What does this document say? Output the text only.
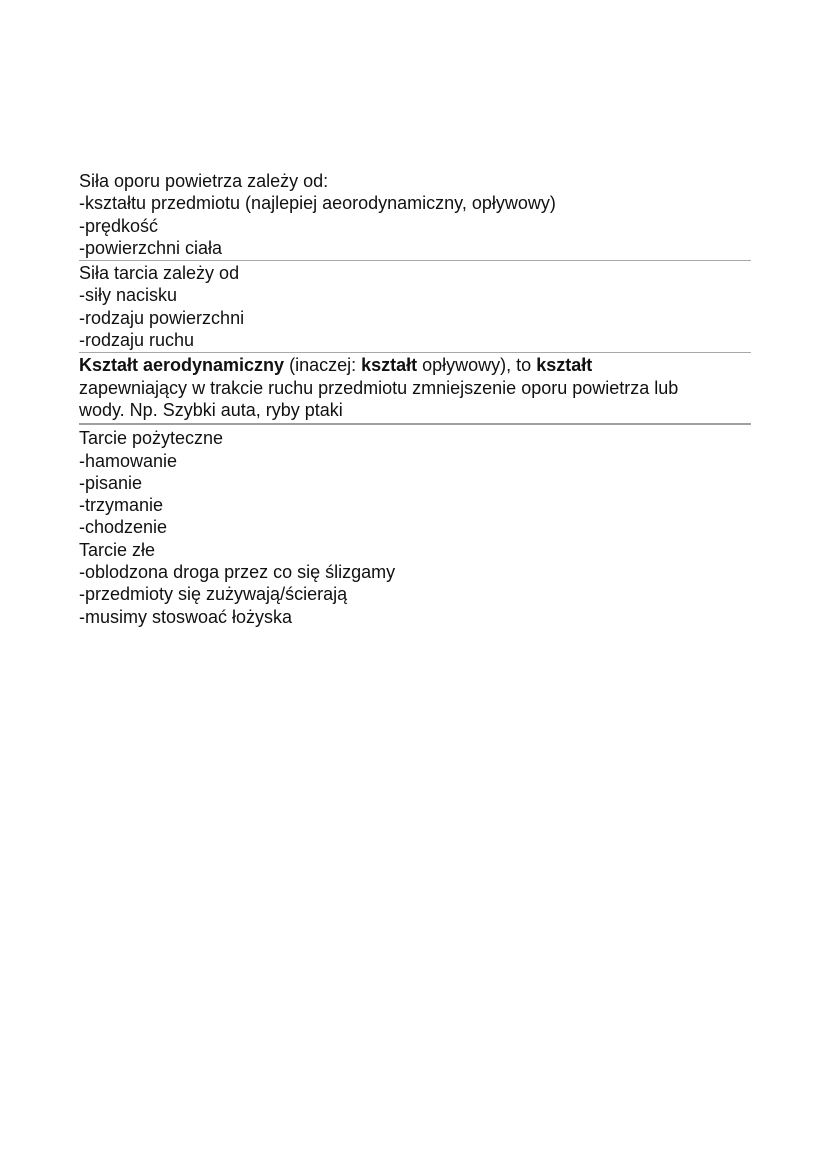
Siła oporu powietrza zależy od:

-kształtu przedmiotu (najlepiej aeorodynamiczny, opływowy)

-prędkość

-powierzchni ciała

Siła tarcia zależy od

-siły nacisku

-rodzaju powierzchni

-rodzaju ruchu

Kształt aerodynamiczny (inaczej: kształt opływowy), to kształt

zapewniający w trakcie ruchu przedmiotu zmniejszenie oporu powietrza lub

wody. Np. Szybki auta, ryby ptaki

Tarcie pożyteczne

-hamowanie

-pisanie

-trzymanie

-chodzenie

Tarcie złe

-oblodzona droga przez co się ślizgamy

-przedmioty się zużywają/ścierają

-musimy stoswoać łożyska
